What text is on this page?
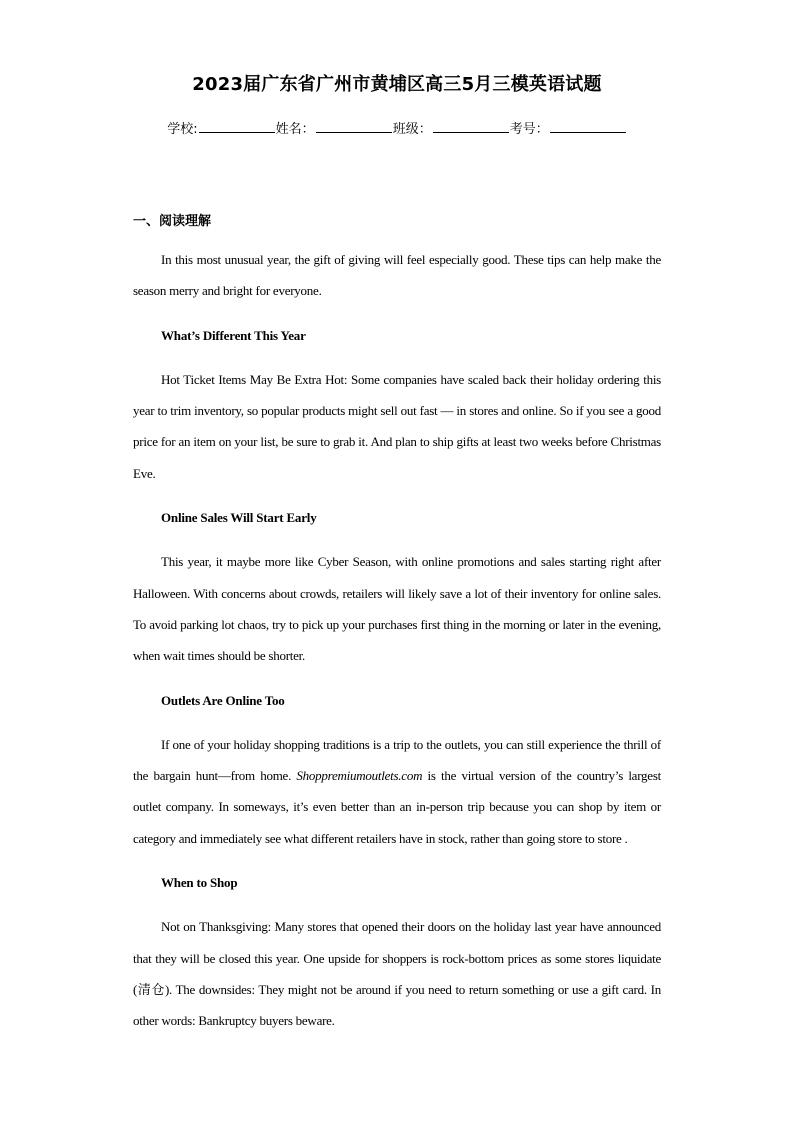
2023届广东省广州市黄埔区高三5月三模英语试题
学校:	姓名：	班级：	考号：
一、阅读理解

In this most unusual year, the gift of giving will feel especially good. These tips can help make the season merry and bright for everyone.

What’s Different This Year

Hot Ticket Items May Be Extra Hot: Some companies have scaled back their holiday ordering this year to trim inventory, so popular products might sell out fast — in stores and online. So if you see a good price for an item on your list, be sure to grab it. And plan to ship gifts at least two weeks before Christmas Eve.

Online Sales Will Start Early

This year, it maybe more like Cyber Season, with online promotions and sales starting right after Halloween. With concerns about crowds, retailers will likely save a lot of their inventory for online sales. To avoid parking lot chaos, try to pick up your purchases first thing in the morning or later in the evening, when wait times should be shorter.

Outlets Are Online Too

If one of your holiday shopping traditions is a trip to the outlets, you can still experience the thrill of the bargain hunt—from home. Shoppremiumoutlets.com is the virtual version of the country’s largest outlet company. In someways, it’s even better than an in-person trip because you can shop by item or category and immediately see what different retailers have in stock, rather than going store to store .

When to Shop

Not on Thanksgiving: Many stores that opened their doors on the holiday last year have announced that they will be closed this year. One upside for shoppers is rock-bottom prices as some stores liquidate (清仓). The downsides: They might not be around if you need to return something or use a gift card. In other words: Bankruptcy buyers beware.
